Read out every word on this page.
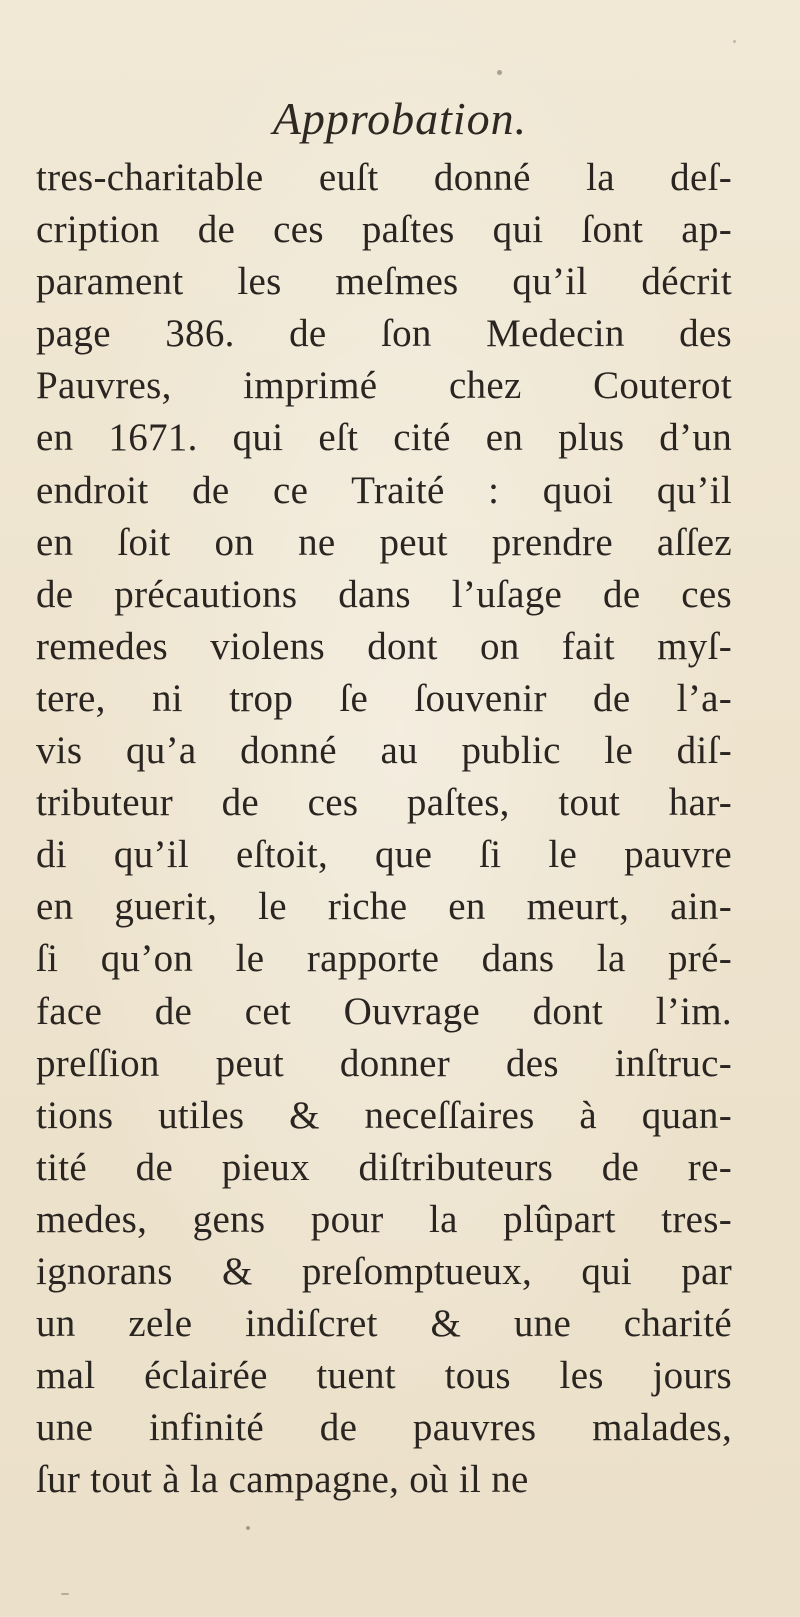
Approbation.
tres-charitable euſt donné la deſ-
cription de ces paſtes qui ſont ap-
parament les meſmes qu’il décrit
page 386. de ſon Medecin des
Pauvres, imprimé chez Couterot
en 1671. qui eſt cité en plus d’un
endroit de ce Traité : quoi qu’il
en ſoit on ne peut prendre aſſez
de précautions dans l’uſage de ces
remedes violens dont on fait myſ-
tere, ni trop ſe ſouvenir de l’a-
vis qu’a donné au public le diſ-
tributeur de ces paſtes, tout har-
di qu’il eſtoit, que ſi le pauvre
en guerit, le riche en meurt, ain-
ſi qu’on le rapporte dans la pré-
face de cet Ouvrage dont l’im.
preſſion peut donner des inſtruc-
tions utiles & neceſſaires à quan-
tité de pieux diſtributeurs de re-
medes, gens pour la plûpart tres-
ignorans & preſomptueux, qui par
un zele indiſcret & une charité
mal éclairée tuent tous les jours
une infinité de pauvres malades,
ſur tout à la campagne, où il ne
